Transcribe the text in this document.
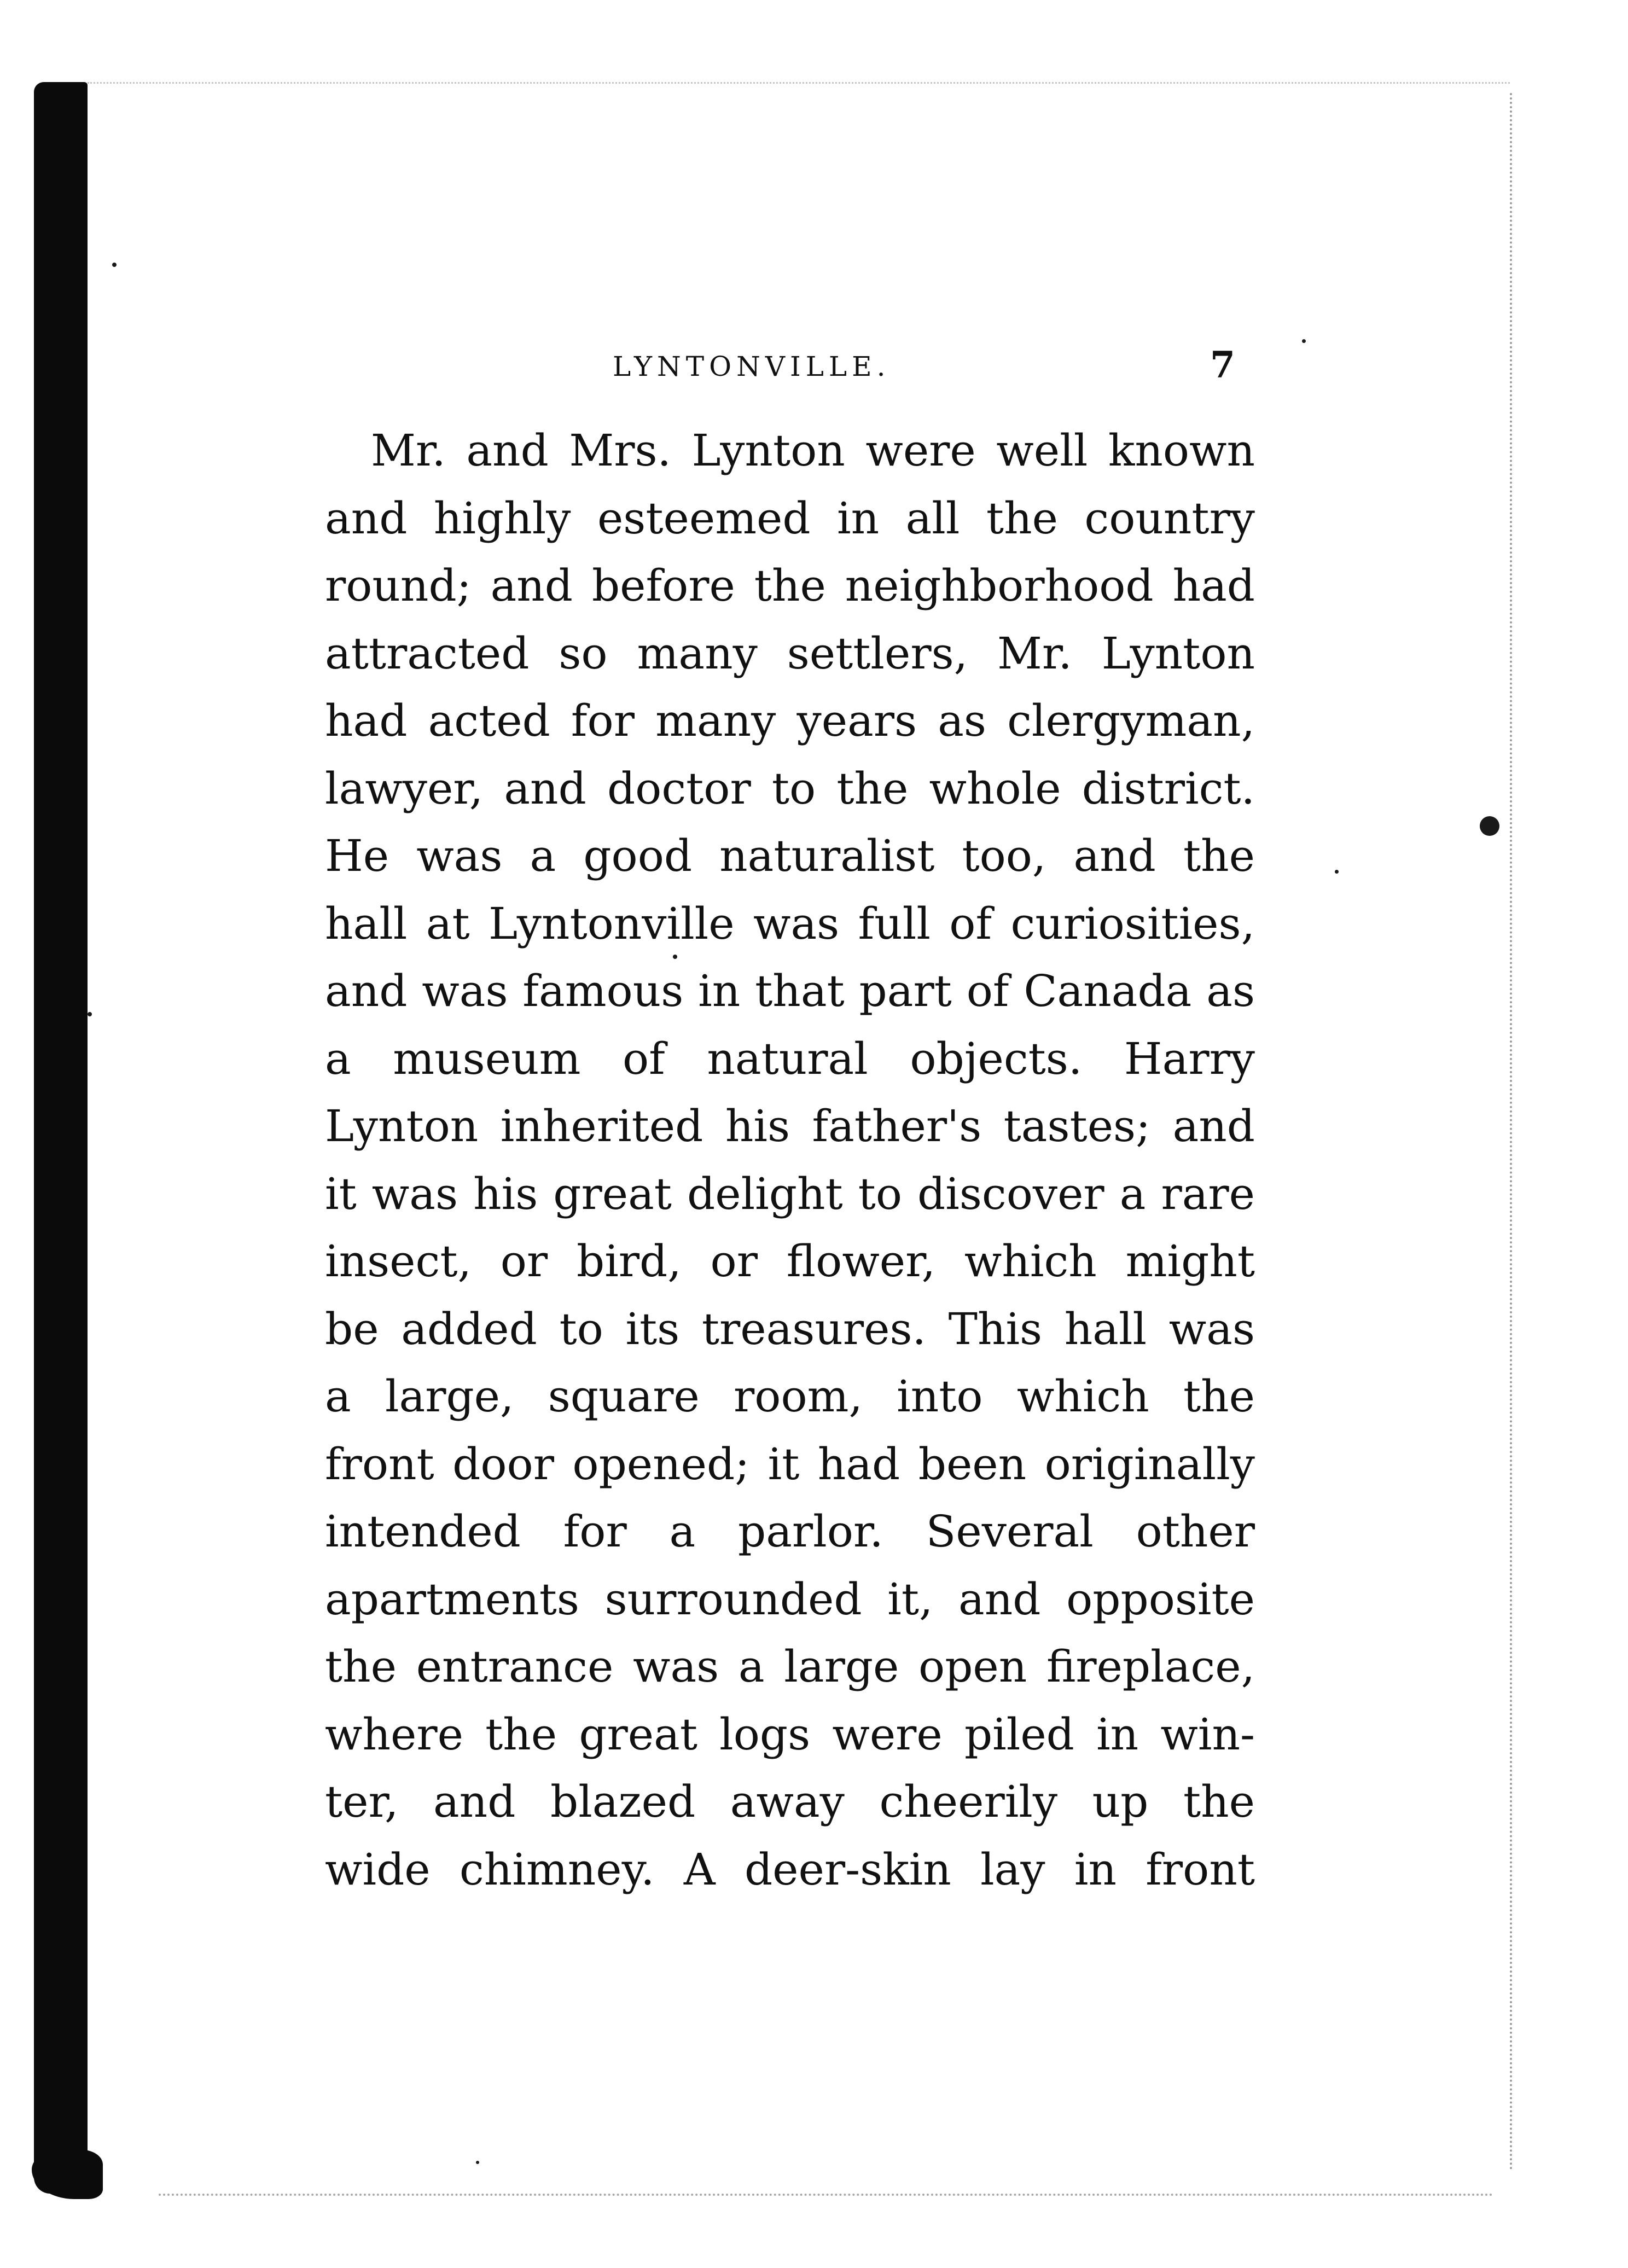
LYNTONVILLE.	7
Mr. and Mrs. Lynton were well known
and highly esteemed in all the country
round; and before the neighborhood had
attracted so many settlers, Mr. Lynton
had acted for many years as clergyman,
lawyer, and doctor to the whole district.
He was a good naturalist too, and the
hall at Lyntonville was full of curiosities,
and was famous in that part of Canada as
a museum of natural objects. Harry
Lynton inherited his father's tastes; and
it was his great delight to discover a rare
insect, or bird, or flower, which might
be added to its treasures. This hall was
a large, square room, into which the
front door opened; it had been originally
intended for a parlor. Several other
apartments surrounded it, and opposite
the entrance was a large open fireplace,
where the great logs were piled in win-
ter, and blazed away cheerily up the
wide chimney. A deer-skin lay in front
